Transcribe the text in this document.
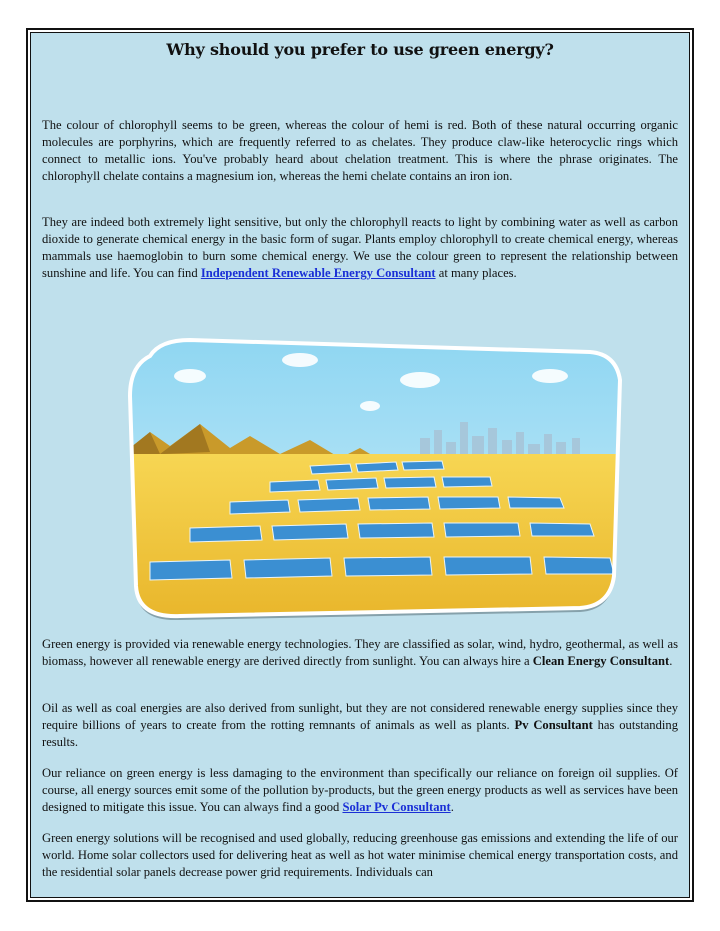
Why should you prefer to use green energy?

The colour of chlorophyll seems to be green, whereas the colour of hemi is red. Both of these natural occurring organic molecules are porphyrins, which are frequently referred to as chelates. They produce claw-like heterocyclic rings which connect to metallic ions. You've probably heard about chelation treatment. This is where the phrase originates. The chlorophyll chelate contains a magnesium ion, whereas the hemi chelate contains an iron ion.

They are indeed both extremely light sensitive, but only the chlorophyll reacts to light by combining water as well as carbon dioxide to generate chemical energy in the basic form of sugar. Plants employ chlorophyll to create chemical energy, whereas mammals use haemoglobin to burn some chemical energy. We use the colour green to represent the relationship between sunshine and life. You can find Independent Renewable Energy Consultant at many places.

Green energy is provided via renewable energy technologies. They are classified as solar, wind, hydro, geothermal, as well as biomass, however all renewable energy are derived directly from sunlight. You can always hire a Clean Energy Consultant.

Oil as well as coal energies are also derived from sunlight, but they are not considered renewable energy supplies since they require billions of years to create from the rotting remnants of animals as well as plants. Pv Consultant has outstanding results.

Our reliance on green energy is less damaging to the environment than specifically our reliance on foreign oil supplies. Of course, all energy sources emit some of the pollution by-products, but the green energy products as well as services have been designed to mitigate this issue. You can always find a good Solar Pv Consultant.

Green energy solutions will be recognised and used globally, reducing greenhouse gas emissions and extending the life of our world. Home solar collectors used for delivering heat as well as hot water minimise chemical energy transportation costs, and the residential solar panels decrease power grid requirements. Individuals can
